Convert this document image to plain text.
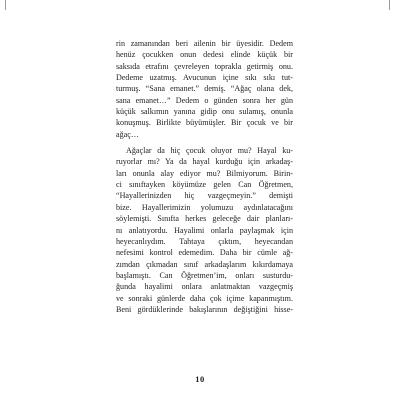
rin zamanından beri ailenin bir üyesidir. Dedem
henüz çocukken onun dedesi elinde küçük bir
saksıda etrafını çevreleyen toprakla getirmiş onu.
Dedeme uzatmış. Avucunun içine sıkı sıkı tut-
turmuş. “Sana emanet.” demiş. “Ağaç olana dek,
sana emanet…” Dedem o günden sonra her gün
küçük salkımın yanına gidip onu sulamış, onunla
konuşmuş. Birlikte büyümüşler. Bir çocuk ve bir
ağaç…

Ağaçlar da hiç çocuk oluyor mu? Hayal ku-
ruyorlar mı? Ya da hayal kurduğu için arkadaş-
ları onunla alay ediyor mu? Bilmiyorum. Birin-
ci sınıftayken köyümüze gelen Can Öğretmen,
“Hayallerinizden hiç vazgeçmeyin.” demişti
bize. Hayallerimizin yolumuzu aydınlatacağını
söylemişti. Sınıfta herkes geleceğe dair planları-
nı anlatıyordu. Hayalimi onlarla paylaşmak için
heyecanlıydım. Tahtaya çıktım, heyecandan
nefesimi kontrol edemedim. Daha bir cümle ağ-
zımdan çıkmadan sınıf arkadaşlarım kıkırdamaya
başlamıştı. Can Öğretmen’im, onları susturdu-
ğunda hayalimi onlara anlatmaktan vazgeçmiş
ve sonraki günlerde daha çok içime kapanmıştım.
Beni gördüklerinde bakışlarının değiştiğini hisse-

10
